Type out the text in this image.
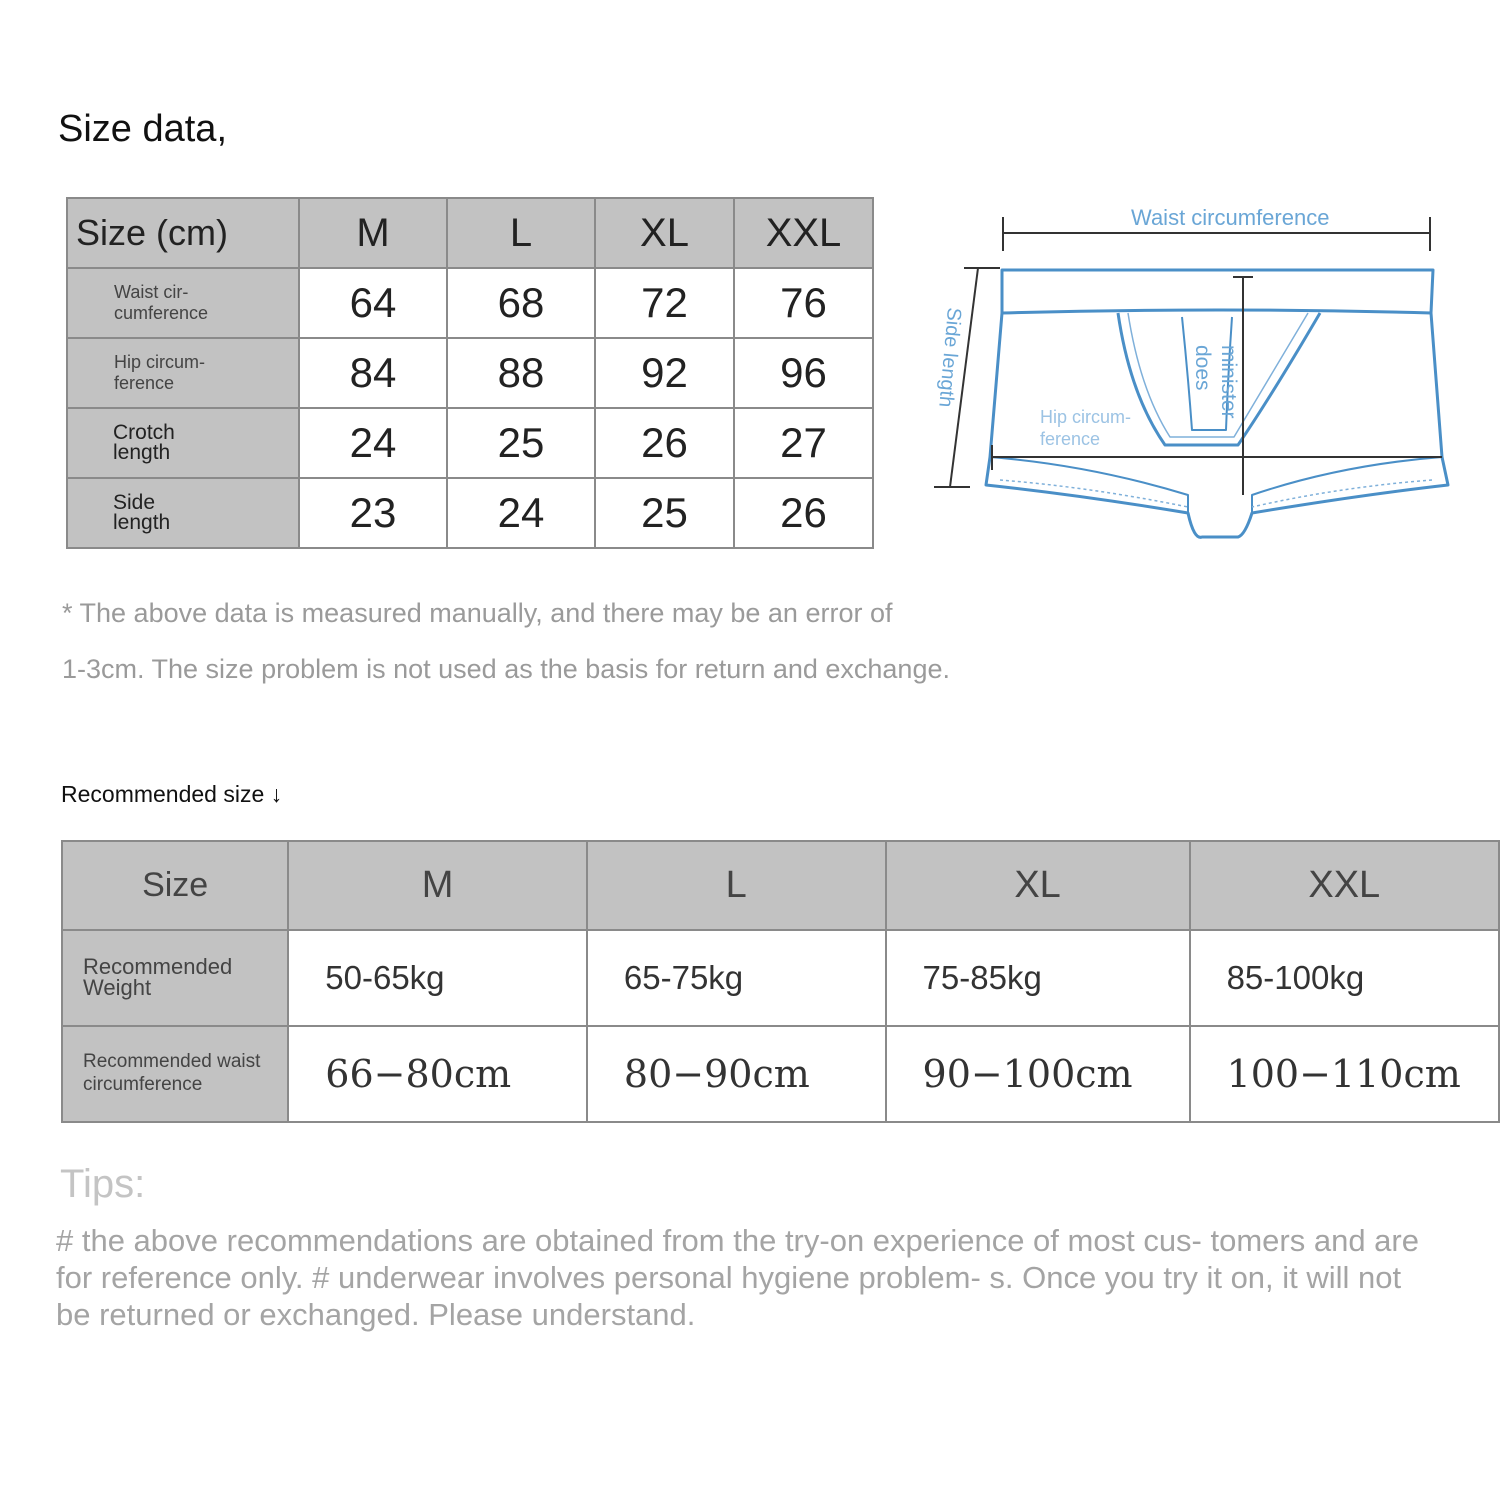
Size data,
Size (cm)	M	L	XL	XXL
Waist cir-
cumference	64	68	72	76
Hip circum-
ference	84	88	92	96
Crotch
length	24	25	26	27
Side
length	23	24	25	26
Waist circumference
Side length
Hip circum-
ference
minister
does
* The above data is measured manually, and there may be an error of
1-3cm. The size problem is not used as the basis for return and exchange.
Recommended size ↓
Size	M	L	XL	XXL
Recommended
Weight	50-65kg	65-75kg	75-85kg	85-100kg
Recommended waist
circumference	66−80cm	80−90cm	90−100cm	100−110cm
Tips:
# the above recommendations are obtained from the try-on experience of most cus- tomers and are for reference only. # underwear involves personal hygiene problem- s. Once you try it on, it will not be returned or exchanged. Please understand.
